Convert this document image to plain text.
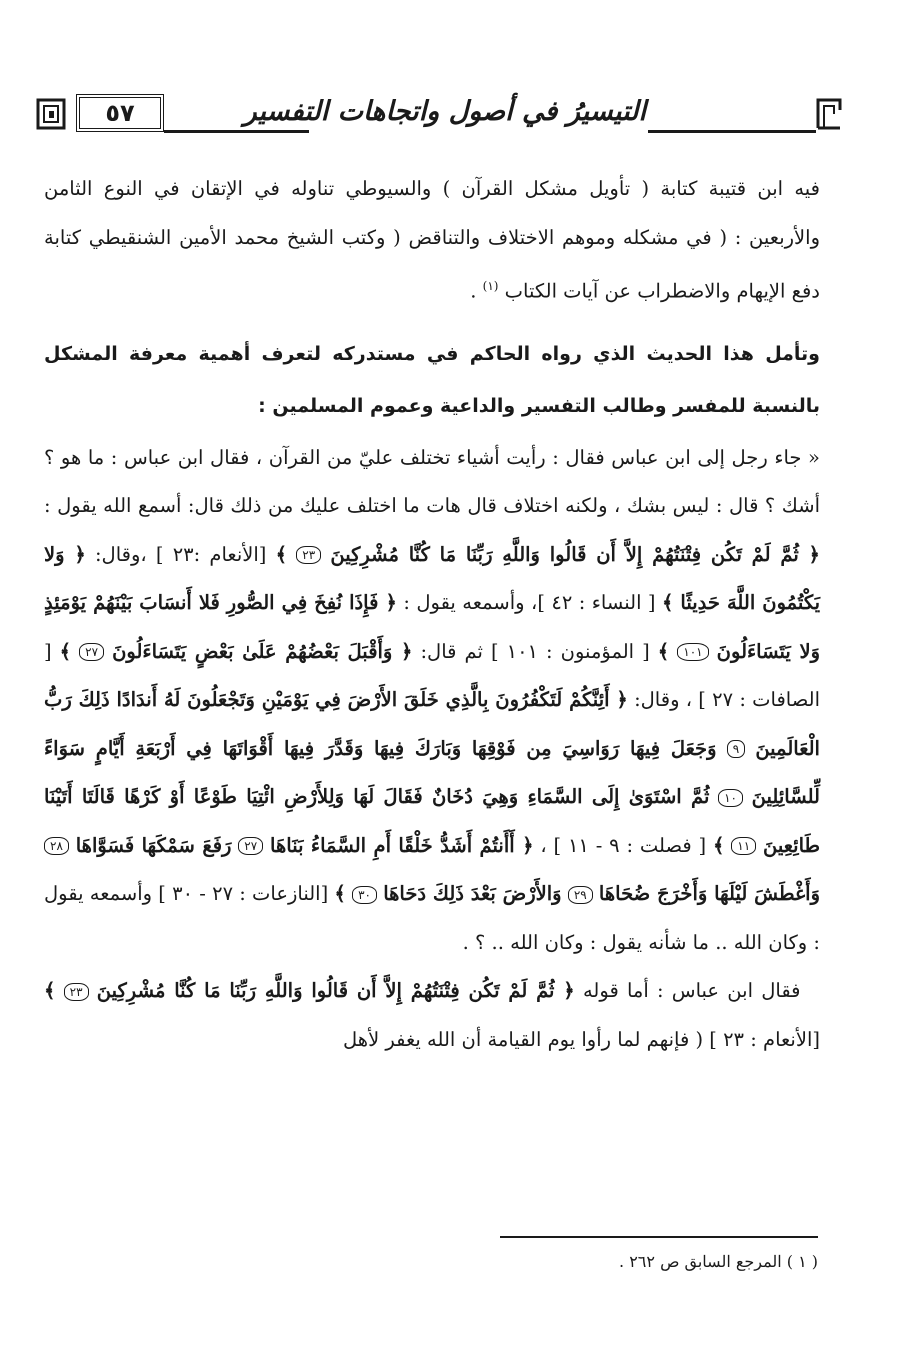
٥٧	التيسيرُ في أصول واتجاهات التفسير

فيه ابن قتيبة كتابة ( تأويل مشكل القرآن ) والسيوطي تناوله في الإتقان في النوع الثامن والأربعين : ( في مشكله وموهم الاختلاف والتناقض ( وكتب الشيخ محمد الأمين الشنقيطي كتابة دفع الإيهام والاضطراب عن آيات الكتاب $^{(١)}$ .

وتأمل هذا الحديث الذي رواه الحاكم في مستدركه لتعرف أهمية معرفة المشكل بالنسبة للمفسر وطالب التفسير والداعية وعموم المسلمين :

« جاء رجل إلى ابن عباس فقال : رأيت أشياء تختلف عليّ من القرآن ، فقال ابن عباس : ما هو ؟ أشك ؟ قال : ليس بشك ، ولكنه اختلاف قال هات ما اختلف عليك من ذلك قال: أسمع الله يقول : ﴿ ثُمَّ لَمْ تَكُن فِتْنَتُهُمْ إِلاَّ أَن قَالُوا وَاللَّهِ رَبِّنَا مَا كُنَّا مُشْرِكِينَ ٢٣ ﴾ [الأنعام :٢٣ ] ،وقال: ﴿ وَلا يَكْتُمُونَ اللَّهَ حَدِيثًا ﴾ [ النساء : ٤٢ ]، وأسمعه يقول : ﴿ فَإِذَا نُفِخَ فِي الصُّورِ فَلا أَنسَابَ بَيْنَهُمْ يَوْمَئِذٍ وَلا يَتَسَاءَلُونَ ١٠١ ﴾ [ المؤمنون : ١٠١ ] ثم قال: ﴿ وَأَقْبَلَ بَعْضُهُمْ عَلَىٰ بَعْضٍ يَتَسَاءَلُونَ ٢٧ ﴾ [ الصافات : ٢٧ ] ، وقال: ﴿ أَئِنَّكُمْ لَتَكْفُرُونَ بِالَّذِي خَلَقَ الأَرْضَ فِي يَوْمَيْنِ وَتَجْعَلُونَ لَهُ أَندَادًا ذَلِكَ رَبُّ الْعَالَمِينَ ٩ وَجَعَلَ فِيهَا رَوَاسِيَ مِن فَوْقِهَا وَبَارَكَ فِيهَا وَقَدَّرَ فِيهَا أَقْوَاتَهَا فِي أَرْبَعَةِ أَيَّامٍ سَوَاءً لِّلسَّائِلِينَ ١٠ ثُمَّ اسْتَوَىٰ إِلَى السَّمَاءِ وَهِيَ دُخَانٌ فَقَالَ لَهَا وَلِلأَرْضِ ائْتِيَا طَوْعًا أَوْ كَرْهًا قَالَتَا أَتَيْنَا طَائِعِينَ ١١ ﴾ [ فصلت : ٩ - ١١ ] ، ﴿ أَأَنتُمْ أَشَدُّ خَلْقًا أَمِ السَّمَاءُ بَنَاهَا ٢٧ رَفَعَ سَمْكَهَا فَسَوَّاهَا ٢٨ وَأَغْطَشَ لَيْلَهَا وَأَخْرَجَ ضُحَاهَا ٢٩ وَالأَرْضَ بَعْدَ ذَلِكَ دَحَاهَا ٣٠ ﴾ [النازعات : ٢٧ - ٣٠ ] وأسمعه يقول : وكان الله .. ما شأنه يقول : وكان الله .. ؟ .

 فقال ابن عباس : أما قوله ﴿ ثُمَّ لَمْ تَكُن فِتْنَتُهُمْ إِلاَّ أَن قَالُوا وَاللَّهِ رَبِّنَا مَا كُنَّا مُشْرِكِينَ ٢٣ ﴾ [الأنعام : ٢٣ ] ( فإنهم لما رأوا يوم القيامة أن الله يغفر لأهل

( ١ ) المرجع السابق ص ٢٦٢ .
